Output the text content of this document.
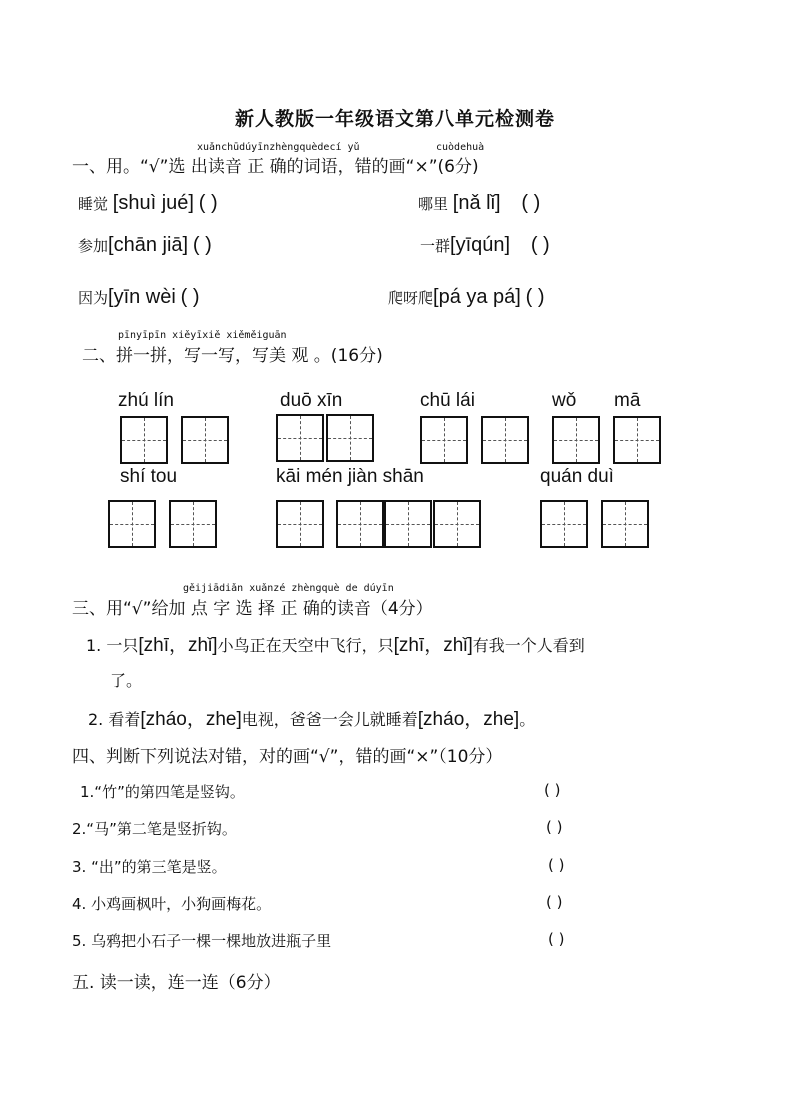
新人教版一年级语文第八单元检测卷
xuǎnchūdúyīnzhèngquèdecí yǔ	cuòdehuà
一、用。“√”选 出读音 正 确的词语，错的画“×”(6分)
睡觉 [shuì jué] ( )	哪里 [nǎ lǐ] ( )
参加[chān jiā] ( )	一群[yīqún] ( )
因为[yīn wèi ( )	爬呀爬[pá ya pá] ( )
pīnyīpīn xiěyīxiě xiěměiguān
二、拼一拼，写一写，写美 观 。(16分)
zhú lín	duō xīn	chū lái	wǒ mā
shí tou	kāi mén jiàn shān	quán duì
gěijiādiǎn xuǎnzé zhèngquè de dúyīn
三、用“√”给加 点 字 选 择 正 确的读音（4分）
1. 一只[zhī，zhǐ]小鸟正在天空中飞行，只[zhī，zhǐ]有我一个人看到
了。
2. 看着[zháo，zhe]电视，爸爸一会儿就睡着[zháo，zhe]。
四、判断下列说法对错，对的画“√”，错的画“×”（10分）
1.“竹”的第四笔是竖钩。	( )
2.“马”第二笔是竖折钩。	( )
3. “出”的第三笔是竖。	( )
4. 小鸡画枫叶，小狗画梅花。	( )
5. 乌鸦把小石子一棵一棵地放进瓶子里	( )
五. 读一读，连一连（6分）
